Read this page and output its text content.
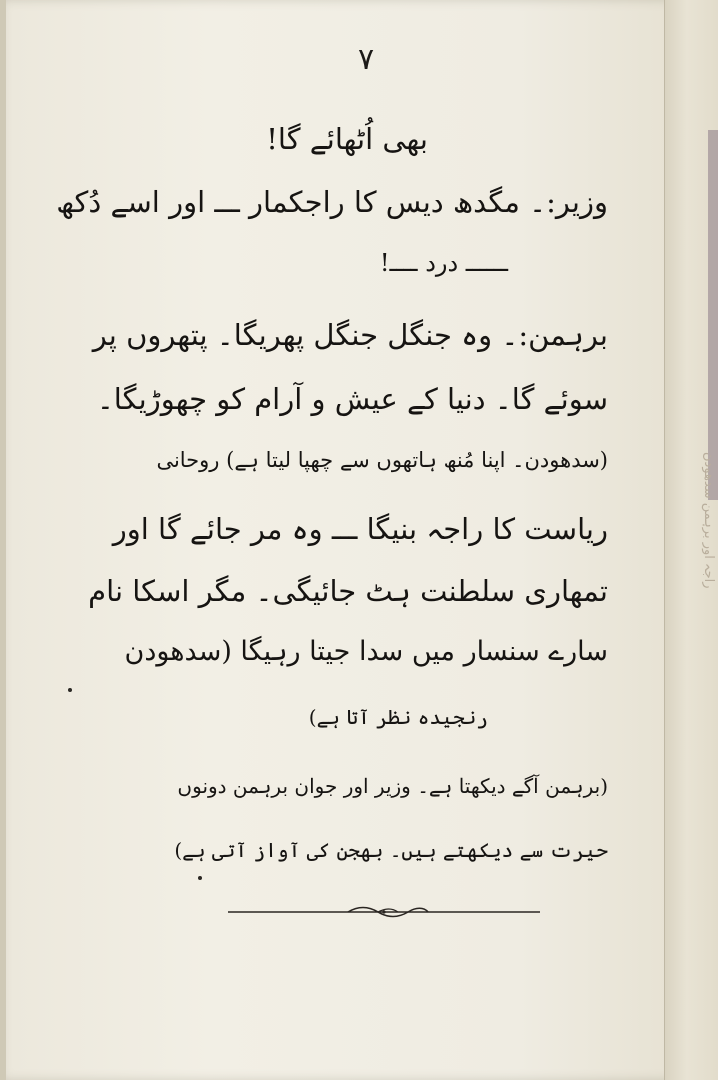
۷
بھی اُٹھائے گا!
وزیر:۔ مگدھ دیس کا راجکمار ـــ اور اسے دُکھ
ــــــ درد ــــ!
برہمن:۔ وہ جنگل جنگل پھریگا۔ پتھروں پر
سوئے گا۔ دنیا کے عیش و آرام کو چھوڑیگا۔
(سدھودن۔ اپنا مُنھ ہاتھوں سے چھپا لیتا ہے) روحانی
ریاست کا راجہ بنیگا ـــ وہ مر جائے گا اور
تمھاری سلطنت ہٹ جائیگی۔ مگر اسکا نام
سارے سنسار میں سدا جیتا رہیگا (سدھودن
رنجیدہ نظر آتا ہے)
(برہمن آگے دیکھتا ہے۔ وزیر اور جوان برہمن دونوں
حیرت سے دیکھتے ہیں۔ بھجن کی آواز آتی ہے)
راجہ اور برہمن سدھودن
